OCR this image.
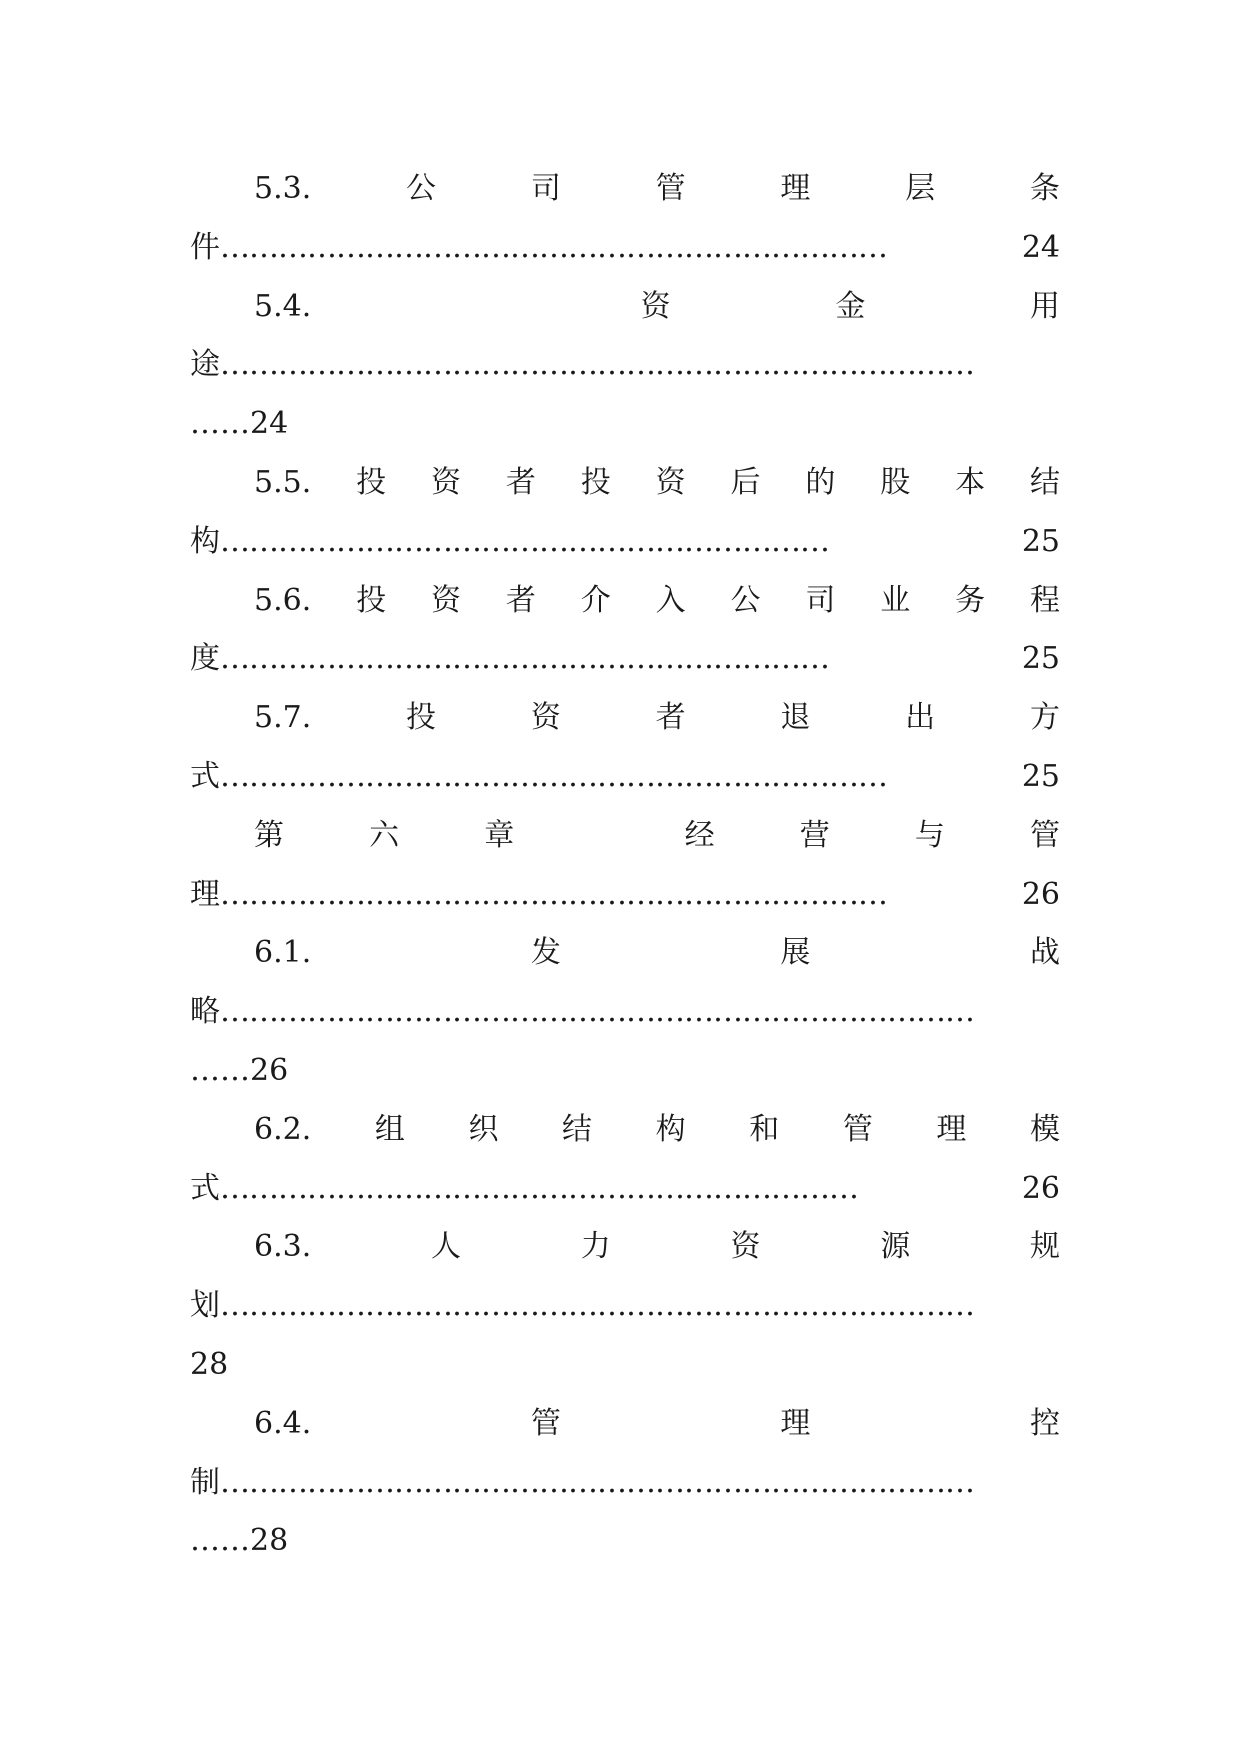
5.3.	公	司	管	理	层	条
件 ……………………………………………………………	24
5.4.	资	金	用
途 ……………………………………………………………………
……24
5.5. 投 资 者 投 资 后 的 股 本 结
构 ………………………………………………………	25
5.6. 投 资 者 介 入 公 司 业 务 程
度 ………………………………………………………	25
5.7.	投	资	者	退	出	方
式 ……………………………………………………………	25
第	六	章	经	营	与	管
理 ……………………………………………………………	26
6.1.	发	展	战
略 ……………………………………………………………………
……26
6.2. 组 织 结 构 和 管 理 模
式 …………………………………………………………	26
6.3.	人	力	资	源	规
划 ……………………………………………………………………
28
6.4.	管	理	控
制 ……………………………………………………………………
……28
